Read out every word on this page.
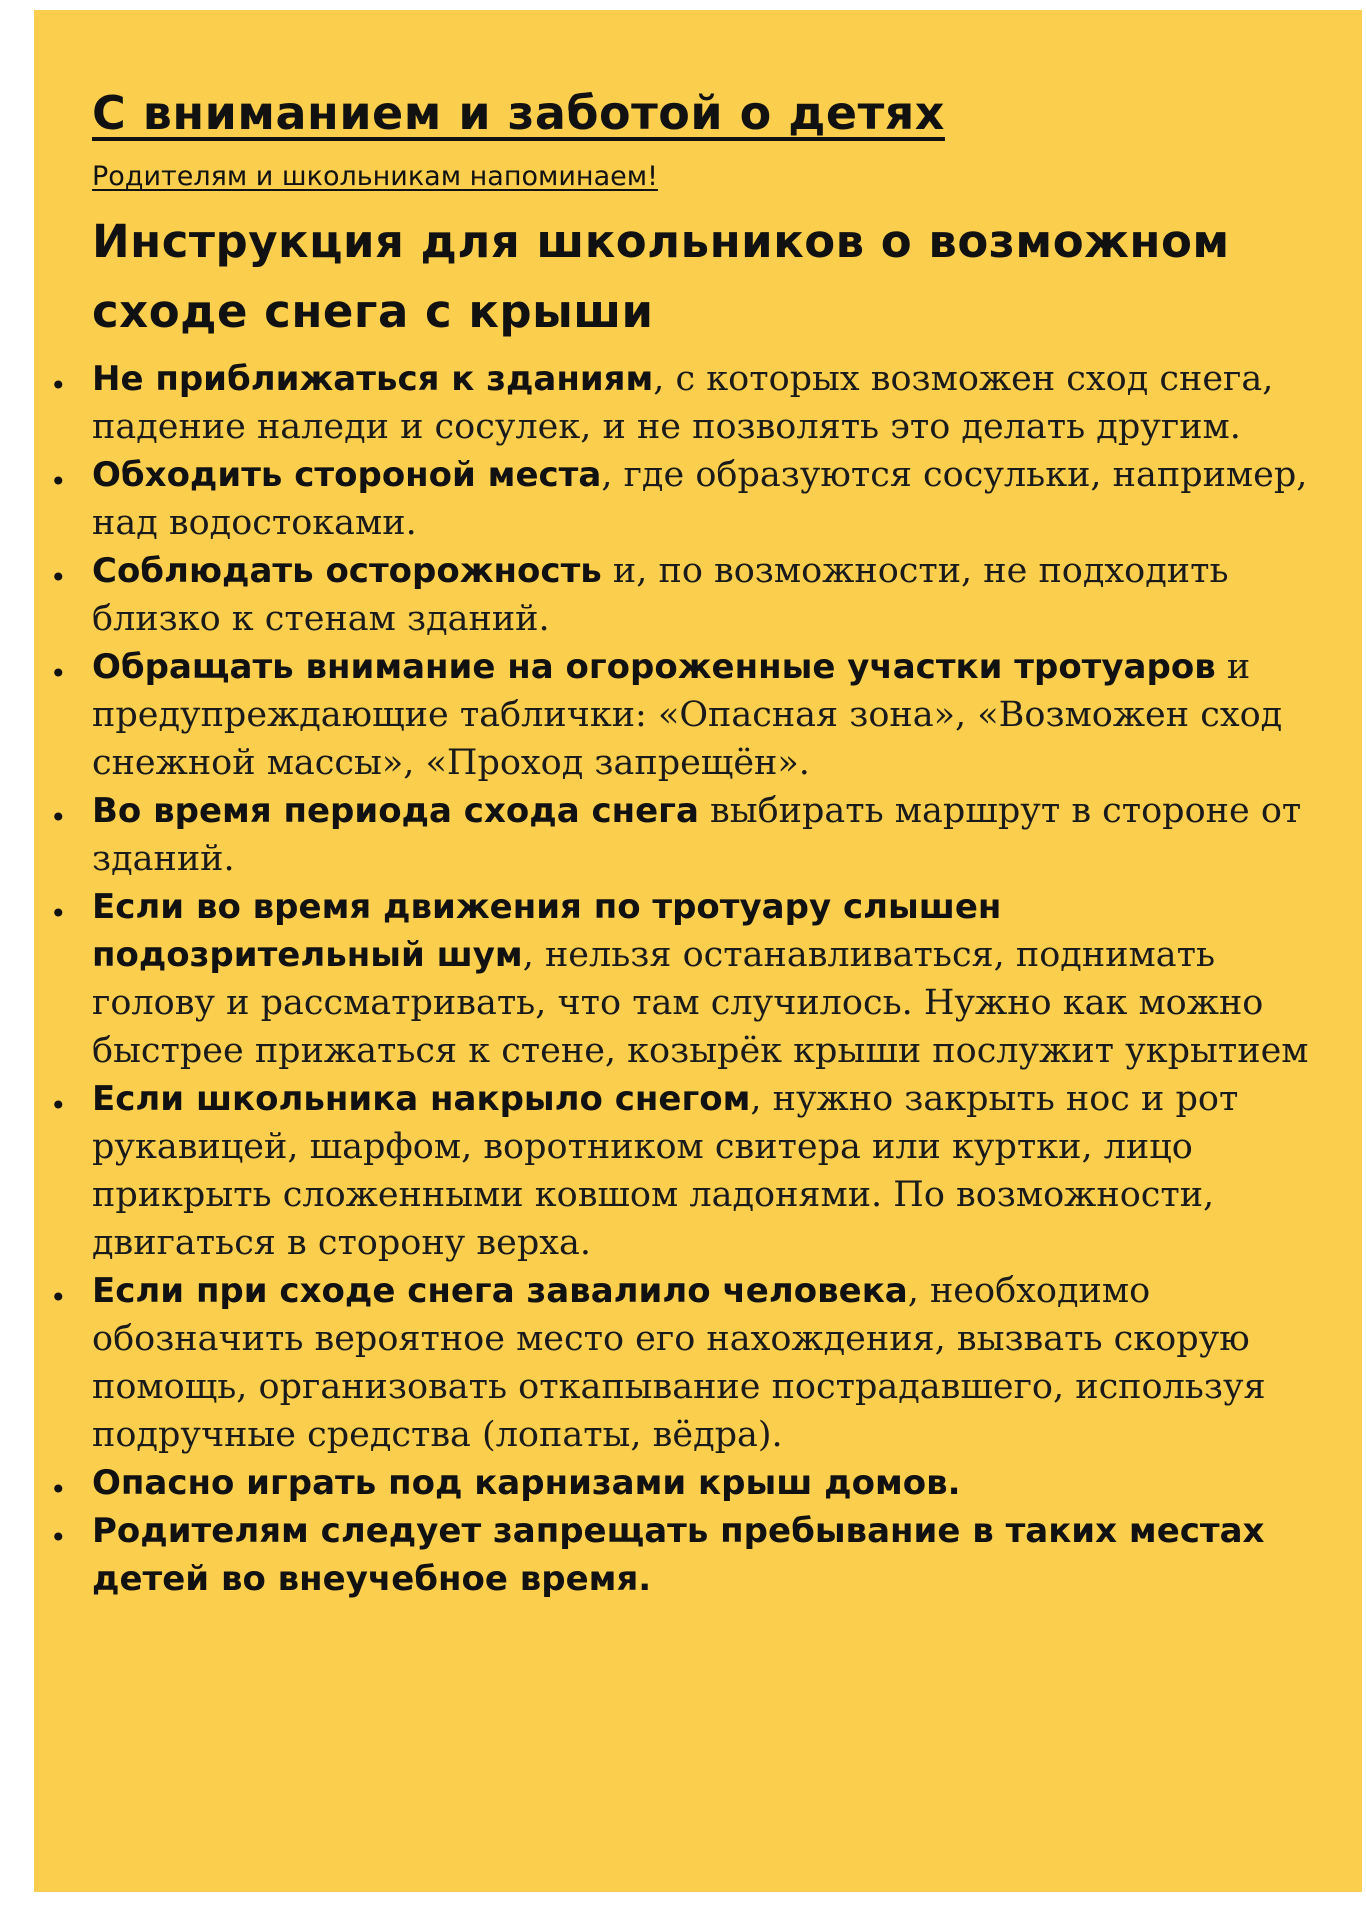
С вниманием и заботой о детях
Родителям и школьникам напоминаем!
Инструкция для школьников о возможном сходе снега с крыши
• Не приближаться к зданиям, с которых возможен сход снега, падение наледи и сосулек, и не позволять это делать другим.
• Обходить стороной места, где образуются сосульки, например, над водостоками.
• Соблюдать осторожность и, по возможности, не подходить близко к стенам зданий.
• Обращать внимание на огороженные участки тротуаров и предупреждающие таблички: «Опасная зона», «Возможен сход снежной массы», «Проход запрещён».
• Во время периода схода снега выбирать маршрут в стороне от зданий.
• Если во время движения по тротуару слышен подозрительный шум, нельзя останавливаться, поднимать голову и рассматривать, что там случилось. Нужно как можно быстрее прижаться к стене, козырёк крыши послужит укрытием
• Если школьника накрыло снегом, нужно закрыть нос и рот рукавицей, шарфом, воротником свитера или куртки, лицо прикрыть сложенными ковшом ладонями. По возможности, двигаться в сторону верха.
• Если при сходе снега завалило человека, необходимо обозначить вероятное место его нахождения, вызвать скорую помощь, организовать откапывание пострадавшего, используя подручные средства (лопаты, вёдра).
• Опасно играть под карнизами крыш домов.
• Родителям следует запрещать пребывание в таких местах детей во внеучебное время.
